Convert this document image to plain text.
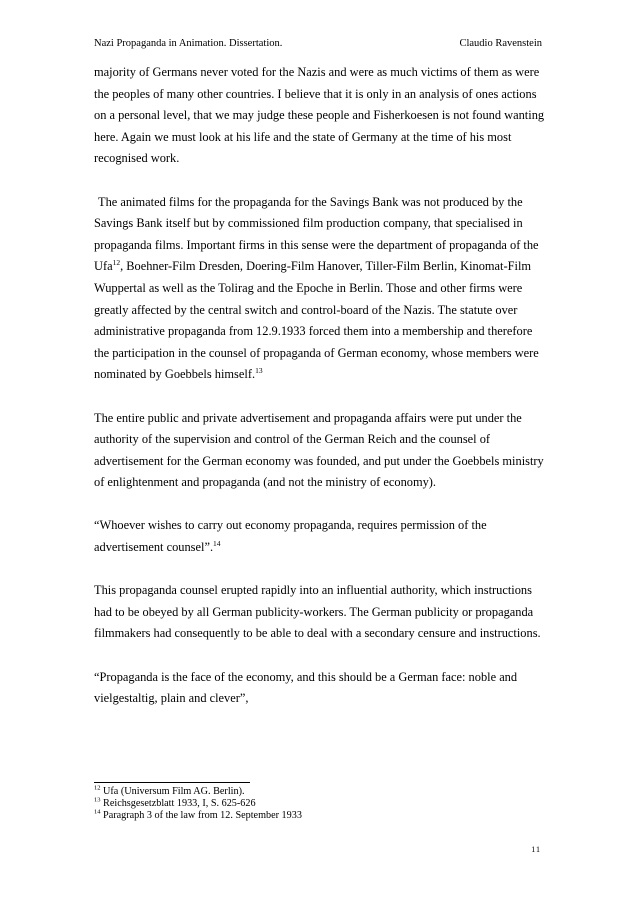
Nazi Propaganda in Animation. Dissertation.	Claudio Ravenstein

majority of Germans never voted for the Nazis and were as much victims of them as were the peoples of many other countries. I believe that it is only in an analysis of ones actions on a personal level, that we may judge these people and Fisherkoesen is not found wanting here. Again we must look at his life and the state of Germany at the time of his most recognised work.

The animated films for the propaganda for the Savings Bank was not produced by the Savings Bank itself but by commissioned film production company, that specialised in propaganda films. Important firms in this sense were the department of propaganda of the Ufa$^{12}$, Boehner-Film Dresden, Doering-Film Hanover, Tiller-Film Berlin, Kinomat-Film Wuppertal as well as the Tolirag and the Epoche in Berlin. Those and other firms were greatly affected by the central switch and control-board of the Nazis. The statute over administrative propaganda from 12.9.1933 forced them into a membership and therefore the participation in the counsel of propaganda of German economy, whose members were nominated by Goebbels himself.$^{13}$

The entire public and private advertisement and propaganda affairs were put under the authority of the supervision and control of the German Reich and the counsel of advertisement for the German economy was founded, and put under the Goebbels ministry of enlightenment and propaganda (and not the ministry of economy).

“Whoever wishes to carry out economy propaganda, requires permission of the advertisement counsel”.$^{14}$

This propaganda counsel erupted rapidly into an influential authority, which instructions had to be obeyed by all German publicity-workers. The German publicity or propaganda filmmakers had consequently to be able to deal with a secondary censure and instructions.

“Propaganda is the face of the economy, and this should be a German face: noble and vielgestaltig, plain and clever”,

$^{12}$ Ufa (Universum Film AG. Berlin).
$^{13}$ Reichsgesetzblatt 1933, I, S. 625-626
$^{14}$ Paragraph 3 of the law from 12. September 1933
11
